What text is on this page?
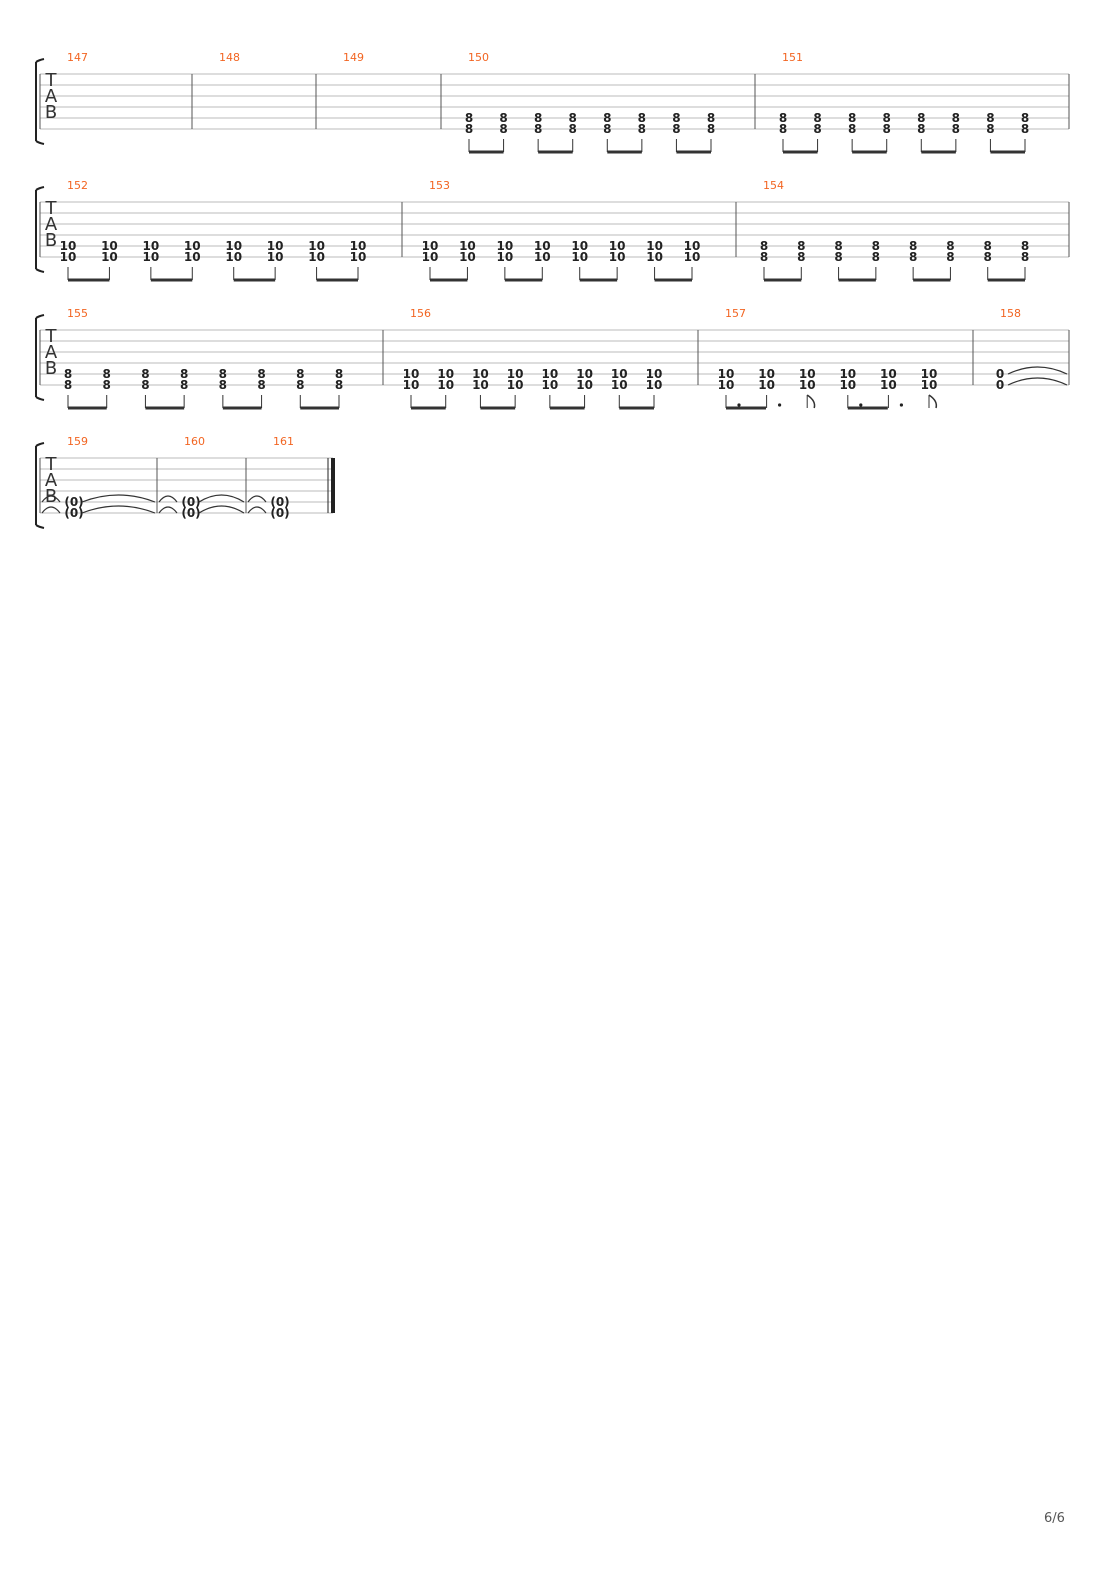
T
A
B
147	148	149	150
8
8
8
8
8
8
8
8
8
8
8
8
8
8
8
8
151
8
8
8
8
8
8
8
8
8
8
8
8
8
8
8
8
T
A
B
152
10
10
10
10
10
10
10
10
10
10
10
10
10
10
10
10
153
10
10
10
10
10
10
10
10
10
10
10
10
10
10
10
10
154
8
8
8
8
8
8
8
8
8
8
8
8
8
8
8
8
T
A
B
155
8
8
8
8
8
8
8
8
8
8
8
8
8
8
8
8
156
10
10
10
10
10
10
10
10
10
10
10
10
10
10
10
10
157
10
10
10
10
10
10
10
10
10
10
10
10
158
0
0
T
A
B
159
(0)
(0)
160
(0)
(0)
161
(0)
(0)
6/6
